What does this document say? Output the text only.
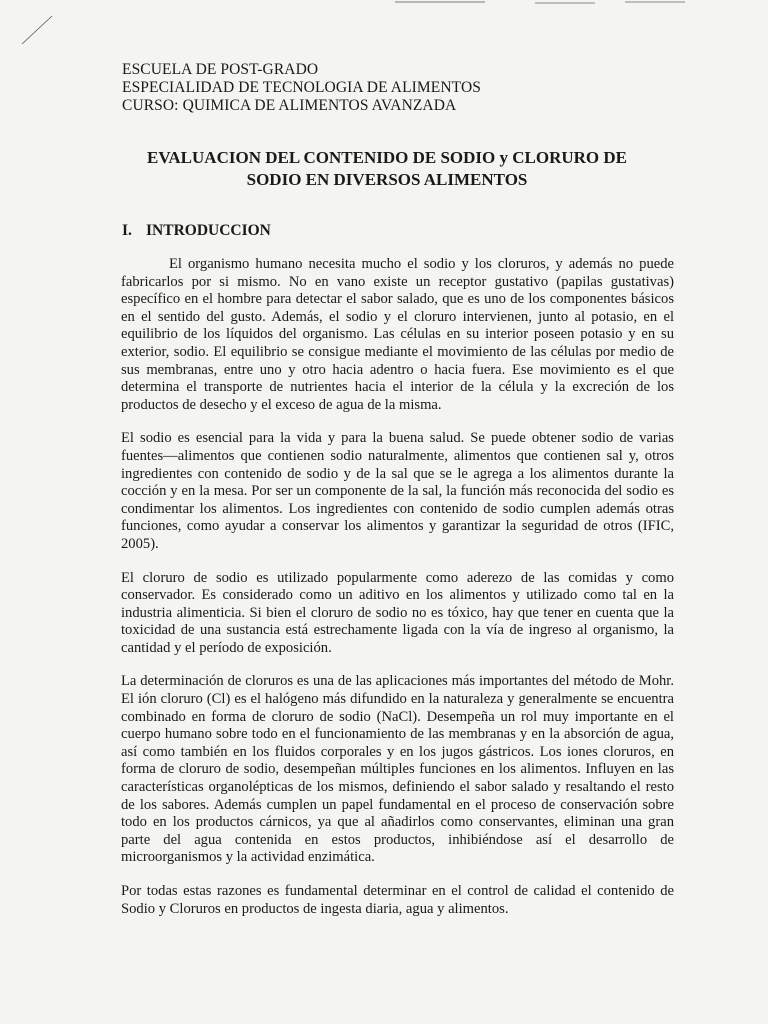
ESCUELA DE POST-GRADO
ESPECIALIDAD DE TECNOLOGIA DE ALIMENTOS
CURSO: QUIMICA DE ALIMENTOS AVANZADA
EVALUACION DEL CONTENIDO DE SODIO y CLORURO DE
SODIO EN DIVERSOS ALIMENTOS
I. INTRODUCCION

El organismo humano necesita mucho el sodio y los cloruros, y además no puede fabricarlos por si mismo. No en vano existe un receptor gustativo (papilas gustativas) específico en el hombre para detectar el sabor salado, que es uno de los componentes básicos en el sentido del gusto. Además, el sodio y el cloruro intervienen, junto al potasio, en el equilibrio de los líquidos del organismo. Las células en su interior poseen potasio y en su exterior, sodio. El equilibrio se consigue mediante el movimiento de las células por medio de sus membranas, entre uno y otro hacia adentro o hacia fuera. Ese movimiento es el que determina el transporte de nutrientes hacia el interior de la célula y la excreción de los productos de desecho y el exceso de agua de la misma.

El sodio es esencial para la vida y para la buena salud. Se puede obtener sodio de varias fuentes—alimentos que contienen sodio naturalmente, alimentos que contienen sal y, otros ingredientes con contenido de sodio y de la sal que se le agrega a los alimentos durante la cocción y en la mesa. Por ser un componente de la sal, la función más reconocida del sodio es condimentar los alimentos. Los ingredientes con contenido de sodio cumplen además otras funciones, como ayudar a conservar los alimentos y garantizar la seguridad de otros (IFIC, 2005).

El cloruro de sodio es utilizado popularmente como aderezo de las comidas y como conservador. Es considerado como un aditivo en los alimentos y utilizado como tal en la industria alimenticia. Si bien el cloruro de sodio no es tóxico, hay que tener en cuenta que la toxicidad de una sustancia está estrechamente ligada con la vía de ingreso al organismo, la cantidad y el período de exposición.

La determinación de cloruros es una de las aplicaciones más importantes del método de Mohr. El ión cloruro (Cl) es el halógeno más difundido en la naturaleza y generalmente se encuentra combinado en forma de cloruro de sodio (NaCl). Desempeña un rol muy importante en el cuerpo humano sobre todo en el funcionamiento de las membranas y en la absorción de agua, así como también en los fluidos corporales y en los jugos gástricos. Los iones cloruros, en forma de cloruro de sodio, desempeñan múltiples funciones en los alimentos. Influyen en las características organolépticas de los mismos, definiendo el sabor salado y resaltando el resto de los sabores. Además cumplen un papel fundamental en el proceso de conservación sobre todo en los productos cárnicos, ya que al añadirlos como conservantes, eliminan una gran parte del agua contenida en estos productos, inhibiéndose así el desarrollo de microorganismos y la actividad enzimática.

Por todas estas razones es fundamental determinar en el control de calidad el contenido de Sodio y Cloruros en productos de ingesta diaria, agua y alimentos.
